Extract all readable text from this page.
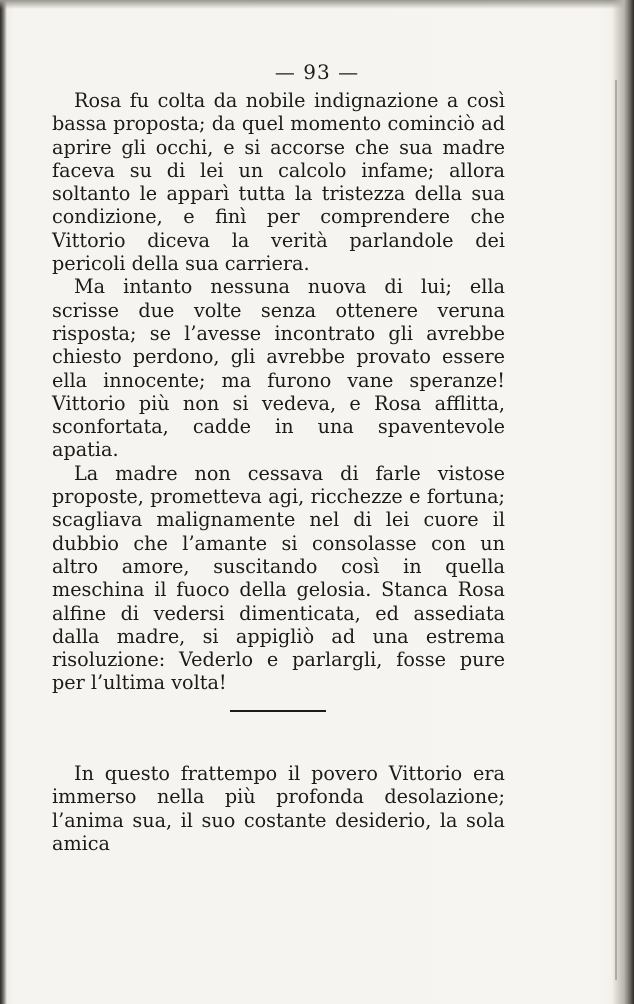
— 93 —

Rosa fu colta da nobile indignazione a così bassa proposta; da quel momento cominciò ad aprire gli occhi, e si accorse che sua madre faceva su di lei un calcolo infame; allora soltanto le apparì tutta la tristezza della sua condizione, e finì per comprendere che Vittorio diceva la verità parlandole dei pericoli della sua carriera.

Ma intanto nessuna nuova di lui; ella scrisse due volte senza ottenere veruna risposta; se l’avesse incontrato gli avrebbe chiesto perdono, gli avrebbe provato essere ella innocente; ma furono vane speranze! Vittorio più non si vedeva, e Rosa afflitta, sconfortata, cadde in una spaventevole apatia.

La madre non cessava di farle vistose proposte, prometteva agi, ricchezze e fortuna; scagliava malignamente nel di lei cuore il dubbio che l’amante si consolasse con un altro amore, suscitando così in quella meschina il fuoco della gelosia. Stanca Rosa alfine di vedersi dimenticata, ed assediata dalla madre, si appigliò ad una estrema risoluzione: Vederlo e parlargli, fosse pure per l’ultima volta!

In questo frattempo il povero Vittorio era immerso nella più profonda desolazione; l’anima sua, il suo costante desiderio, la sola amica
